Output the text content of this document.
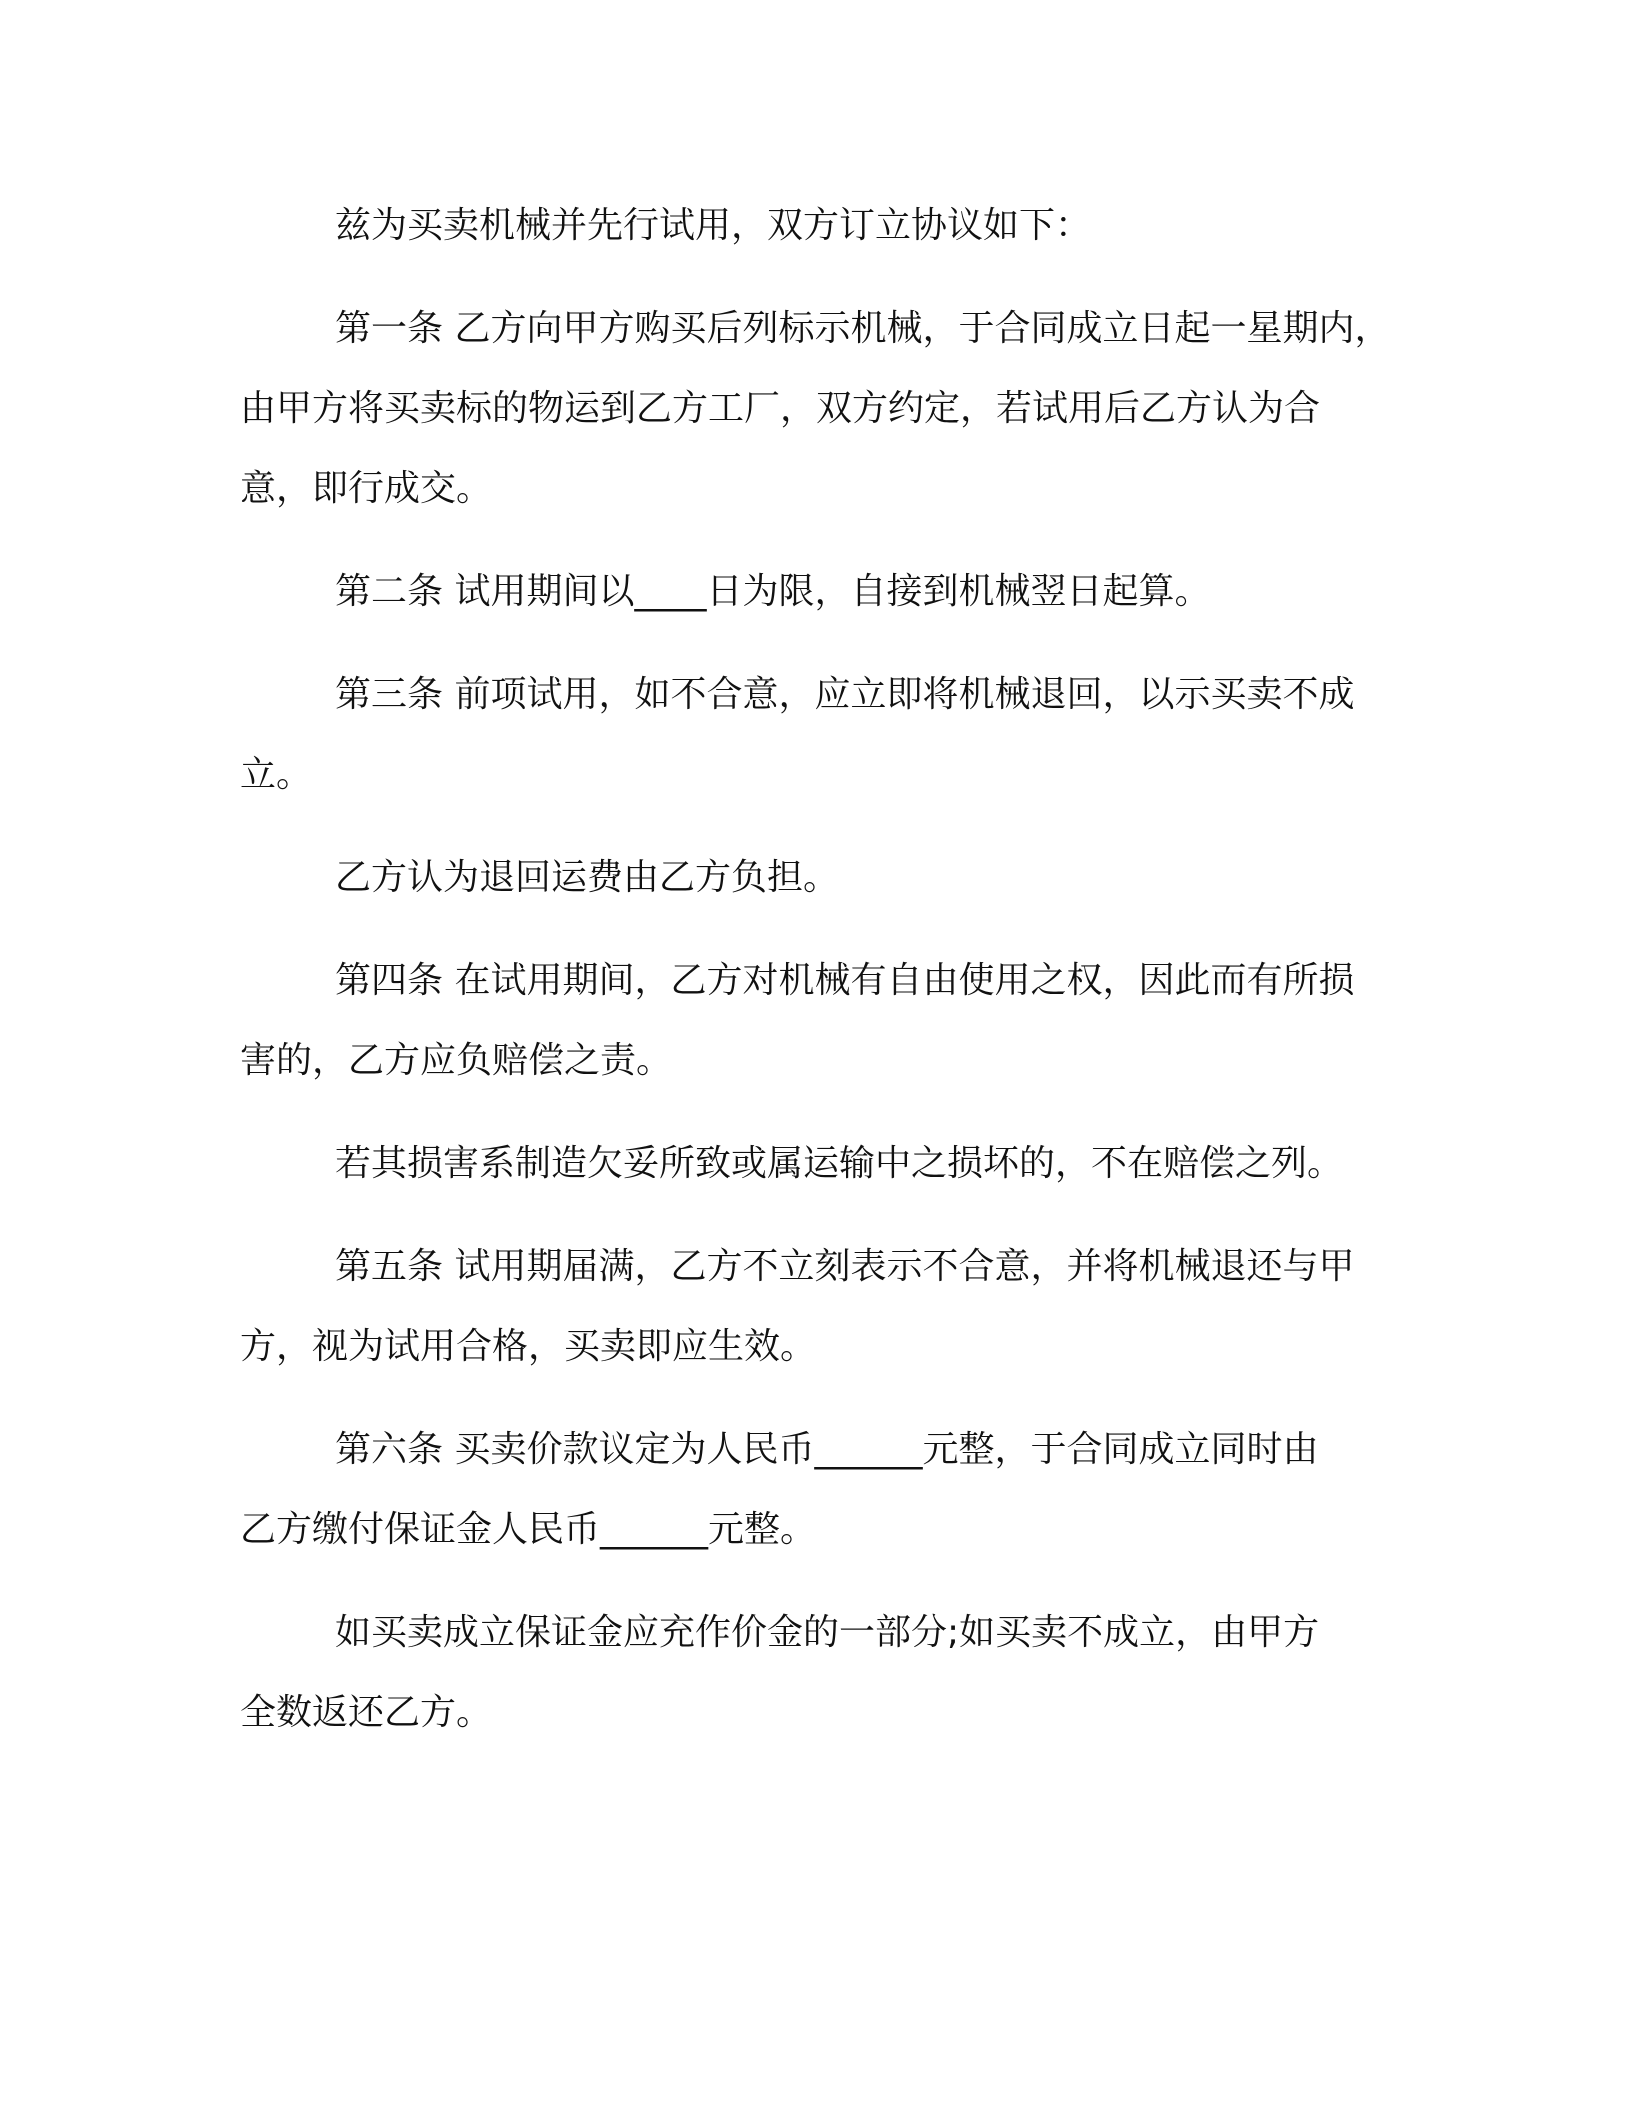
兹为买卖机械并先行试用，双方订立协议如下：
第一条 乙方向甲方购买后列标示机械，于合同成立日起一星期内，
由甲方将买卖标的物运到乙方工厂，双方约定，若试用后乙方认为合
意，即行成交。
第二条 试用期间以____日为限，自接到机械翌日起算。
第三条 前项试用，如不合意，应立即将机械退回，以示买卖不成
立。
乙方认为退回运费由乙方负担。
第四条 在试用期间，乙方对机械有自由使用之权，因此而有所损
害的，乙方应负赔偿之责。
若其损害系制造欠妥所致或属运输中之损坏的，不在赔偿之列。
第五条 试用期届满，乙方不立刻表示不合意，并将机械退还与甲
方，视为试用合格，买卖即应生效。
第六条 买卖价款议定为人民币______元整，于合同成立同时由
乙方缴付保证金人民币______元整。
如买卖成立保证金应充作价金的一部分;如买卖不成立，由甲方
全数返还乙方。
